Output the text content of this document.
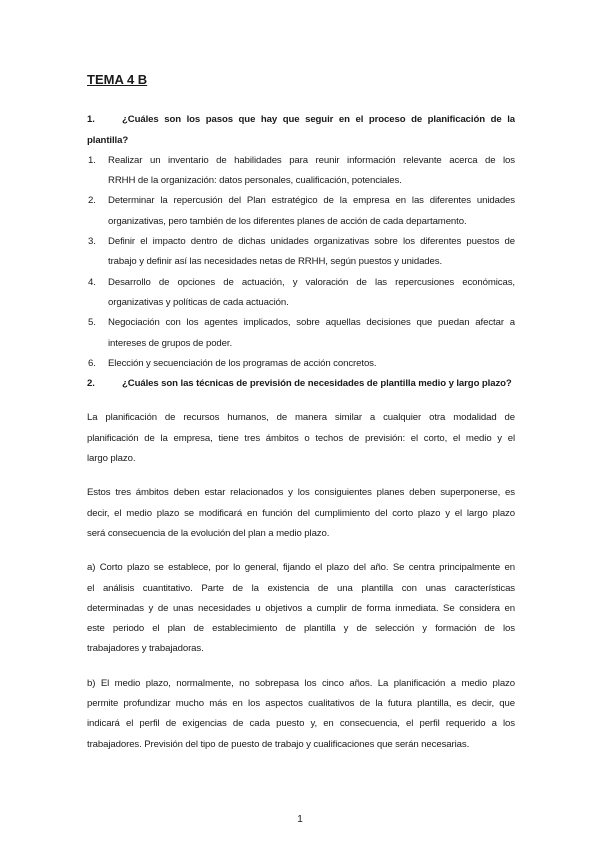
TEMA 4 B
1.	¿Cuáles son los pasos que hay que seguir en el proceso de planificación de la
plantilla?
1.	Realizar un inventario de habilidades para reunir información relevante acerca de los
RRHH de la organización: datos personales, cualificación, potenciales.
2.	Determinar la repercusión del Plan estratégico de la empresa en las diferentes unidades
organizativas, pero también de los diferentes planes de acción de cada departamento.
3.	Definir el impacto dentro de dichas unidades organizativas sobre los diferentes puestos de
trabajo y definir así las necesidades netas de RRHH, según puestos y unidades.
4.	Desarrollo de opciones de actuación, y valoración de las repercusiones económicas,
organizativas y políticas de cada actuación.
5.	Negociación con los agentes implicados, sobre aquellas decisiones que puedan afectar a
intereses de grupos de poder.
6.	Elección y secuenciación de los programas de acción concretos.
2.	¿Cuáles son las técnicas de previsión de necesidades de plantilla medio y largo plazo?
La planificación de recursos humanos, de manera similar a cualquier otra modalidad de
planificación de la empresa, tiene tres ámbitos o techos de previsión: el corto, el medio y el
largo plazo.
Estos tres ámbitos deben estar relacionados y los consiguientes planes deben superponerse, es
decir, el medio plazo se modificará en función del cumplimiento del corto plazo y el largo plazo
será consecuencia de la evolución del plan a medio plazo.
a) Corto plazo se establece, por lo general, fijando el plazo del año. Se centra principalmente en
el análisis cuantitativo. Parte de la existencia de una plantilla con unas características
determinadas y de unas necesidades u objetivos a cumplir de forma inmediata. Se considera en
este periodo el plan de establecimiento de plantilla y de selección y formación de los
trabajadores y trabajadoras.
b) El medio plazo, normalmente, no sobrepasa los cinco años. La planificación a medio plazo
permite profundizar mucho más en los aspectos cualitativos de la futura plantilla, es decir, que
indicará el perfil de exigencias de cada puesto y, en consecuencia, el perfil requerido a los
trabajadores. Previsión del tipo de puesto de trabajo y cualificaciones que serán necesarias.
1
